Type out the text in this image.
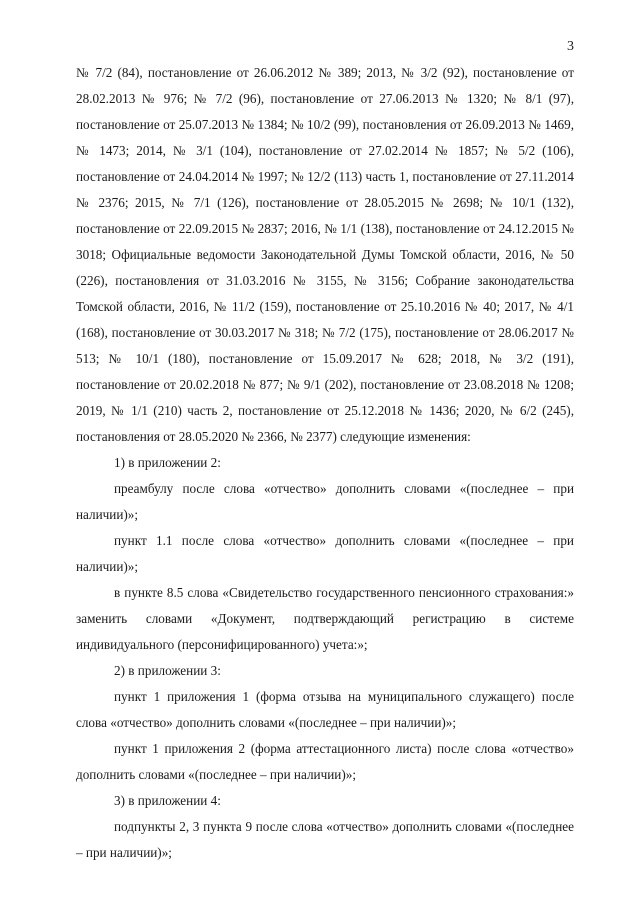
3

№ 7/2 (84), постановление от 26.06.2012 № 389; 2013, № 3/2 (92), постановление от 28.02.2013 № 976; № 7/2 (96), постановление от 27.06.2013 № 1320; № 8/1 (97), постановление от 25.07.2013 № 1384; № 10/2 (99), постановления от 26.09.2013 № 1469, № 1473; 2014, № 3/1 (104), постановление от 27.02.2014 № 1857; № 5/2 (106), постановление от 24.04.2014 № 1997; № 12/2 (113) часть 1, постановление от 27.11.2014 № 2376; 2015, № 7/1 (126), постановление от 28.05.2015 № 2698; № 10/1 (132), постановление от 22.09.2015 № 2837; 2016, № 1/1 (138), постановление от 24.12.2015 № 3018; Официальные ведомости Законодательной Думы Томской области, 2016, № 50 (226), постановления от 31.03.2016 № 3155, № 3156; Собрание законодательства Томской области, 2016, № 11/2 (159), постановление от 25.10.2016 № 40; 2017, № 4/1 (168), постановление от 30.03.2017 № 318; № 7/2 (175), постановление от 28.06.2017 № 513; № 10/1 (180), постановление от 15.09.2017 № 628; 2018, № 3/2 (191), постановление от 20.02.2018 № 877; № 9/1 (202), постановление от 23.08.2018 № 1208; 2019, № 1/1 (210) часть 2, постановление от 25.12.2018 № 1436; 2020, № 6/2 (245), постановления от 28.05.2020 № 2366, № 2377) следующие изменения:

1) в приложении 2:

преамбулу после слова «отчество» дополнить словами «(последнее – при наличии)»;

пункт 1.1 после слова «отчество» дополнить словами «(последнее – при наличии)»;

в пункте 8.5 слова «Свидетельство государственного пенсионного страхования:» заменить словами «Документ, подтверждающий регистрацию в системе индивидуального (персонифицированного) учета:»;

2) в приложении 3:

пункт 1 приложения 1 (форма отзыва на муниципального служащего) после слова «отчество» дополнить словами «(последнее – при наличии)»;

пункт 1 приложения 2 (форма аттестационного листа) после слова «отчество» дополнить словами «(последнее – при наличии)»;

3) в приложении 4:

подпункты 2, 3 пункта 9 после слова «отчество» дополнить словами «(последнее – при наличии)»;
